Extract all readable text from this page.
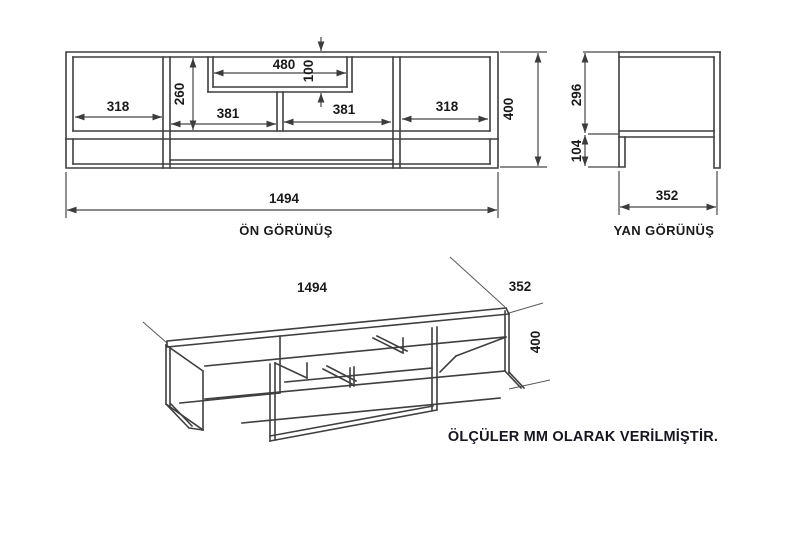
318
260
480 100
381	381	318	400
1494
ÖN GÖRÜNÜŞ
296
104
352
YAN GÖRÜNÜŞ
1494	352
400
ÖLÇÜLER MM OLARAK VERİLMİŞTİR.
